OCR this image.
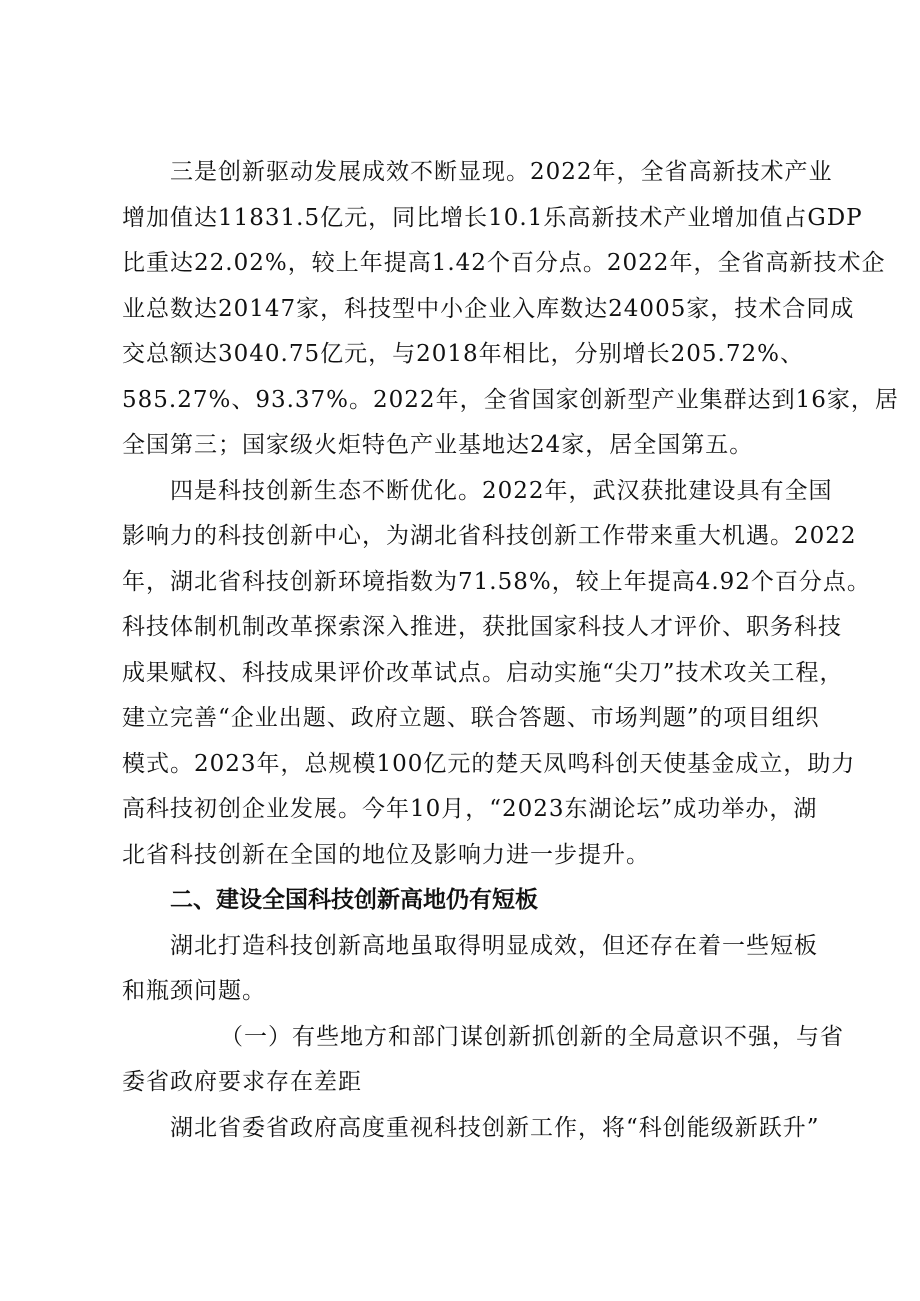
三是创新驱动发展成效不断显现。2022年，全省高新技术产业
增加值达11831.5亿元，同比增长10.1乐高新技术产业增加值占GDP
比重达22.02%，较上年提高1.42个百分点。2022年，全省高新技术企
业总数达20147家，科技型中小企业入库数达24005家，技术合同成
交总额达3040.75亿元，与2018年相比，分别增长205.72%、
585.27%、93.37%。2022年，全省国家创新型产业集群达到16家，居
全国第三；国家级火炬特色产业基地达24家，居全国第五。
四是科技创新生态不断优化。2022年，武汉获批建设具有全国
影响力的科技创新中心，为湖北省科技创新工作带来重大机遇。2022
年，湖北省科技创新环境指数为71.58%，较上年提高4.92个百分点。
科技体制机制改革探索深入推进，获批国家科技人才评价、职务科技
成果赋权、科技成果评价改革试点。启动实施“尖刀”技术攻关工程，
建立完善“企业出题、政府立题、联合答题、市场判题”的项目组织
模式。2023年，总规模100亿元的楚天凤鸣科创天使基金成立，助力
高科技初创企业发展。今年10月，“2023东湖论坛”成功举办，湖
北省科技创新在全国的地位及影响力进一步提升。
二、建设全国科技创新高地仍有短板
湖北打造科技创新高地虽取得明显成效，但还存在着一些短板
和瓶颈问题。
（一）有些地方和部门谋创新抓创新的全局意识不强，与省
委省政府要求存在差距
湖北省委省政府高度重视科技创新工作，将“科创能级新跃升”
